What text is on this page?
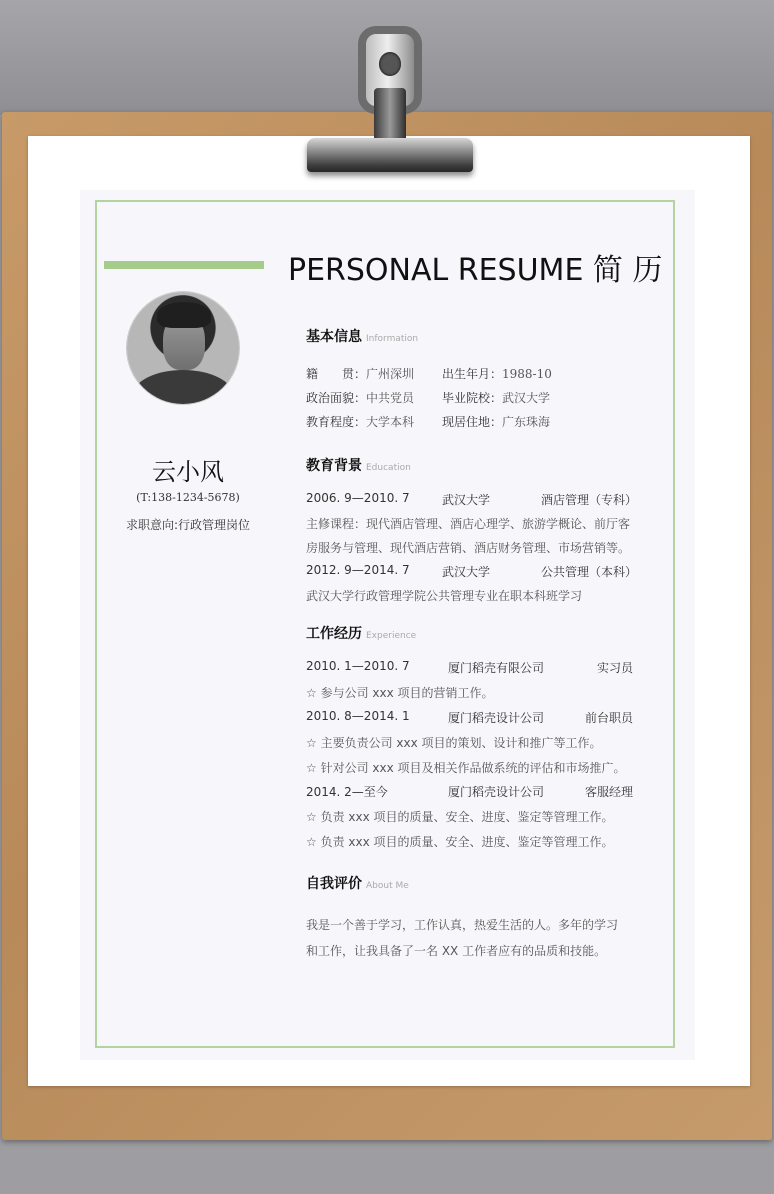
PERSONAL RESUME 简 历
云小风
(T:138-1234-5678)
求职意向:行政管理岗位
基本信息 Information
籍　　贯：广州深圳 出生年月：1988-10
政治面貌：中共党员 毕业院校：武汉大学
教育程度：大学本科 现居住地：广东珠海
教育背景 Education
2006. 9—2010. 7	武汉大学	酒店管理（专科）
主修课程：现代酒店管理、酒店心理学、旅游学概论、前厅客
房服务与管理、现代酒店营销、酒店财务管理、市场营销等。
2012. 9—2014. 7	武汉大学	公共管理（本科）
武汉大学行政管理学院公共管理专业在职本科班学习
工作经历 Experience
2010. 1—2010. 7	厦门稻壳有限公司	实习员
☆ 参与公司 xxx 项目的营销工作。
2010. 8—2014. 1	厦门稻壳设计公司	前台职员
☆ 主要负责公司 xxx 项目的策划、设计和推广等工作。
☆ 针对公司 xxx 项目及相关作品做系统的评估和市场推广。
2014. 2—至今	厦门稻壳设计公司	客服经理
☆ 负责 xxx 项目的质量、安全、进度、鉴定等管理工作。
☆ 负责 xxx 项目的质量、安全、进度、鉴定等管理工作。
自我评价 About Me
我是一个善于学习，工作认真，热爱生活的人。多年的学习
和工作，让我具备了一名 XX 工作者应有的品质和技能。
